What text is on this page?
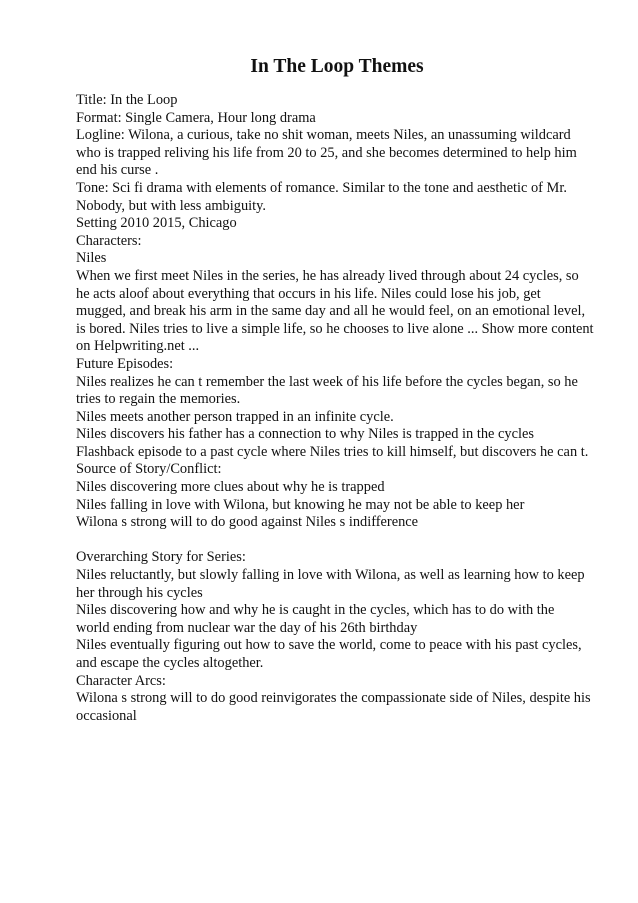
In The Loop Themes
Title: In the Loop
Format: Single Camera, Hour long drama
Logline: Wilona, a curious, take no shit woman, meets Niles, an unassuming wildcard
who is trapped reliving his life from 20 to 25, and she becomes determined to help him
end his curse .
Tone: Sci fi drama with elements of romance. Similar to the tone and aesthetic of Mr.
Nobody, but with less ambiguity.
Setting 2010 2015, Chicago
Characters:
Niles
When we first meet Niles in the series, he has already lived through about 24 cycles, so
he acts aloof about everything that occurs in his life. Niles could lose his job, get
mugged, and break his arm in the same day and all he would feel, on an emotional level,
is bored. Niles tries to live a simple life, so he chooses to live alone ... Show more content
on Helpwriting.net ...
Future Episodes:
Niles realizes he can t remember the last week of his life before the cycles began, so he
tries to regain the memories.
Niles meets another person trapped in an infinite cycle.
Niles discovers his father has a connection to why Niles is trapped in the cycles
Flashback episode to a past cycle where Niles tries to kill himself, but discovers he can t.
Source of Story/Conflict:
Niles discovering more clues about why he is trapped
Niles falling in love with Wilona, but knowing he may not be able to keep her
Wilona s strong will to do good against Niles s indifference
Overarching Story for Series:
Niles reluctantly, but slowly falling in love with Wilona, as well as learning how to keep
her through his cycles
Niles discovering how and why he is caught in the cycles, which has to do with the
world ending from nuclear war the day of his 26th birthday
Niles eventually figuring out how to save the world, come to peace with his past cycles,
and escape the cycles altogether.
Character Arcs:
Wilona s strong will to do good reinvigorates the compassionate side of Niles, despite his
occasional
